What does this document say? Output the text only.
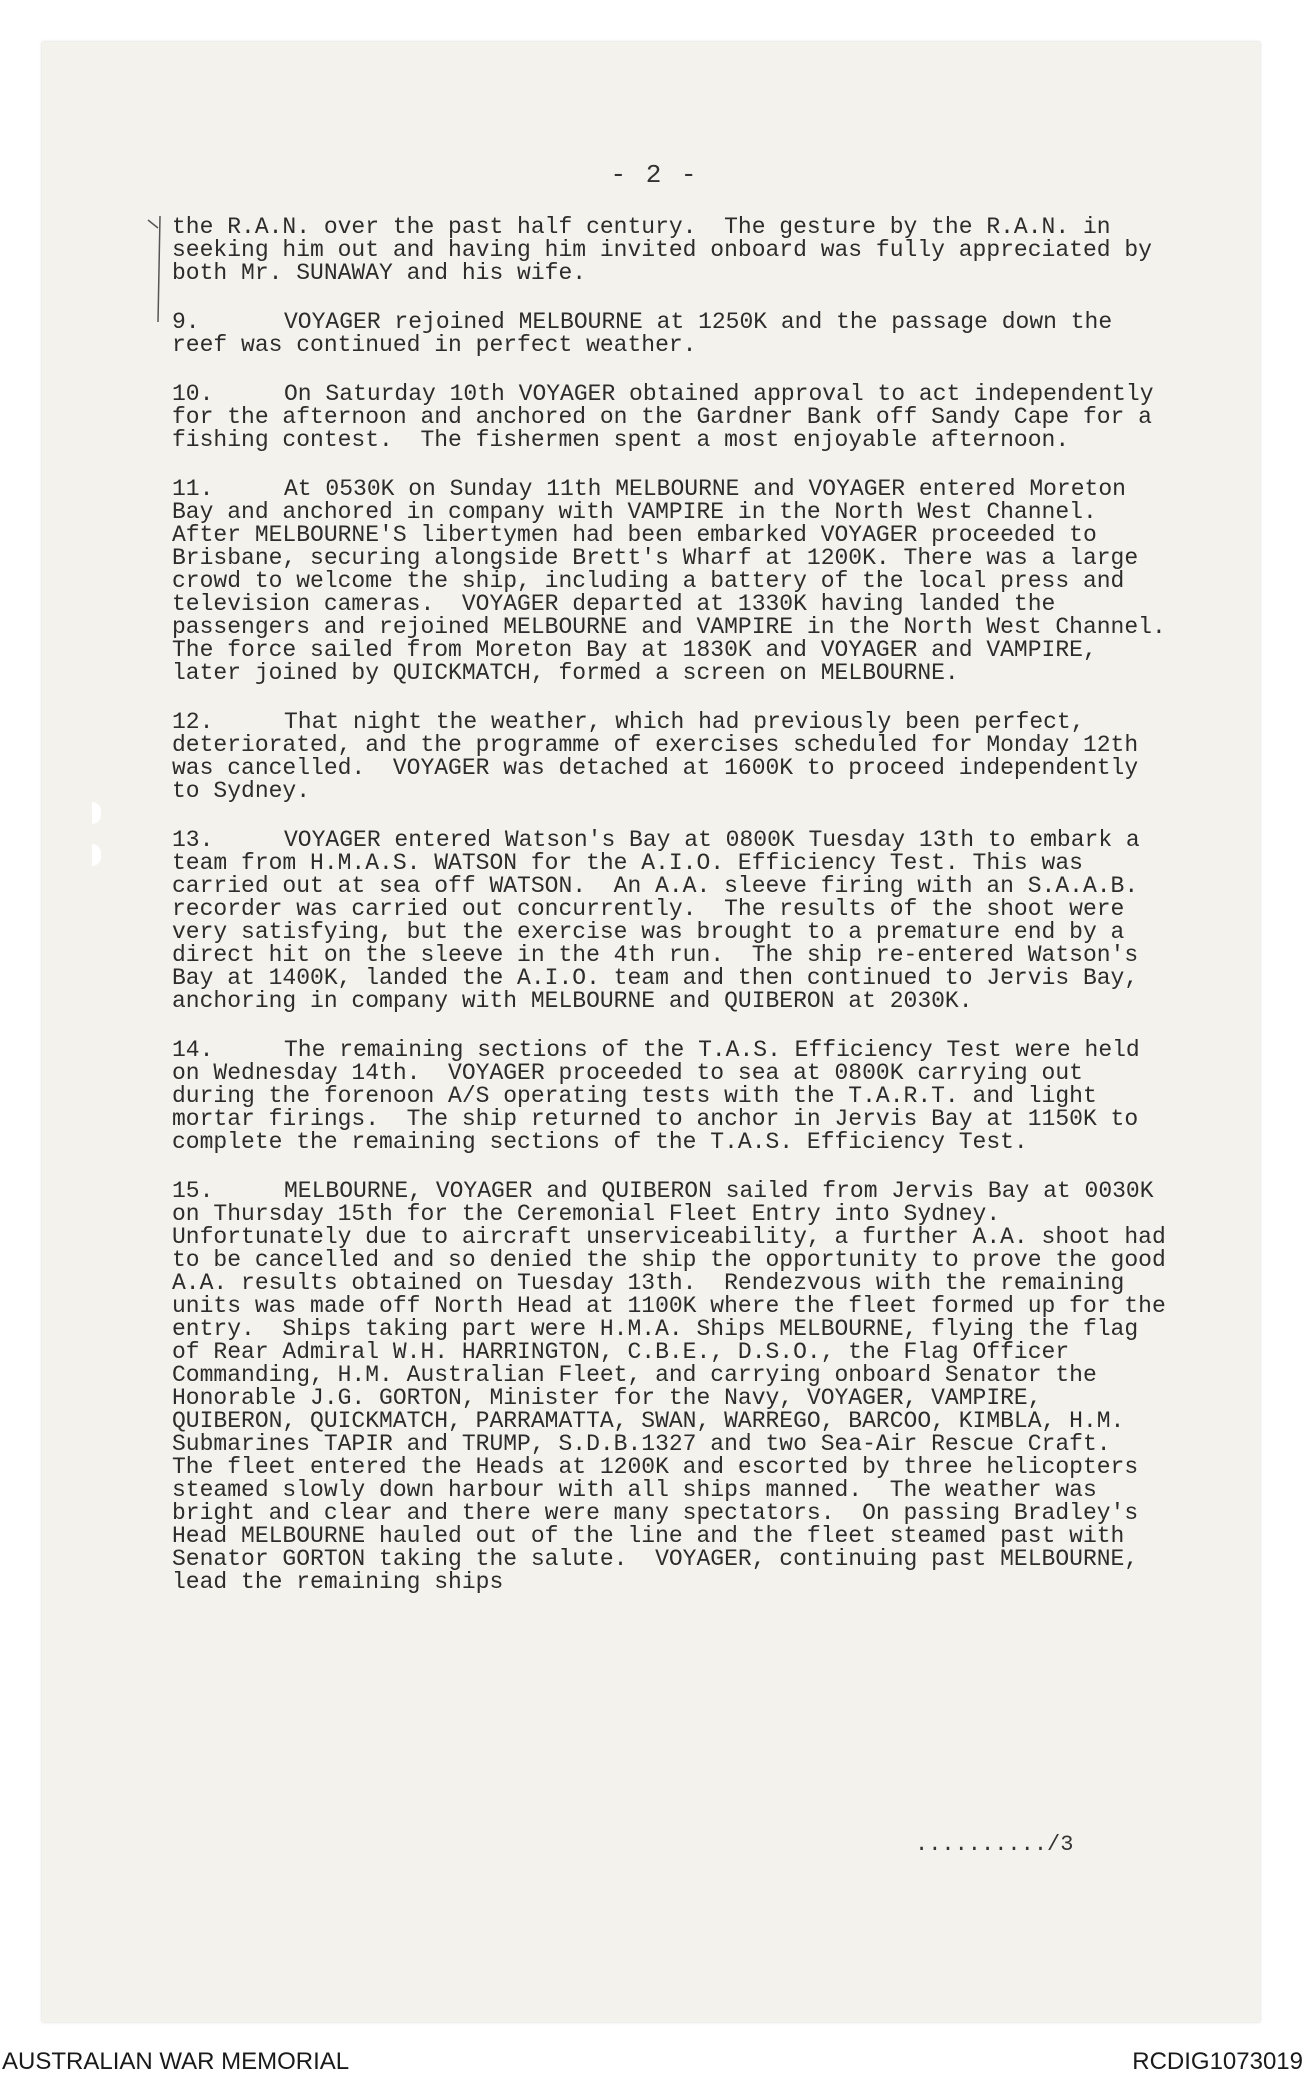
- 2 -

the R.A.N. over the past half century.  The gesture by the R.A.N. in seeking him out and having him invited onboard was fully appreciated by both Mr. SUNAWAY and his wife.

9.	VOYAGER rejoined MELBOURNE at 1250K and the passage down the reef was continued in perfect weather.

10.	On Saturday 10th VOYAGER obtained approval to act independently for the afternoon and anchored on the Gardner Bank off Sandy Cape for a fishing contest.  The fishermen spent a most enjoyable afternoon.

11.	At 0530K on Sunday 11th MELBOURNE and VOYAGER entered Moreton Bay and anchored in company with VAMPIRE in the North West Channel.  After MELBOURNE'S libertymen had been embarked VOYAGER proceeded to Brisbane, securing alongside Brett's Wharf at 1200K. There was a large crowd to welcome the ship, including a battery of the local press and television cameras.  VOYAGER departed at 1330K having landed the passengers and rejoined MELBOURNE and VAMPIRE in the North West Channel.  The force sailed from Moreton Bay at 1830K and VOYAGER and VAMPIRE, later joined by QUICKMATCH, formed a screen on MELBOURNE.

12.	That night the weather, which had previously been perfect, deteriorated, and the programme of exercises scheduled for Monday 12th was cancelled.  VOYAGER was detached at 1600K to proceed independently to Sydney.

13.	VOYAGER entered Watson's Bay at 0800K Tuesday 13th to embark a team from H.M.A.S. WATSON for the A.I.O. Efficiency Test. This was carried out at sea off WATSON.  An A.A. sleeve firing with an S.A.A.B. recorder was carried out concurrently.  The results of the shoot were very satisfying, but the exercise was brought to a premature end by a direct hit on the sleeve in the 4th run.  The ship re-entered Watson's Bay at 1400K, landed the A.I.O. team and then continued to Jervis Bay, anchoring in company with MELBOURNE and QUIBERON at 2030K.

14.	The remaining sections of the T.A.S. Efficiency Test were held on Wednesday 14th.  VOYAGER proceeded to sea at 0800K carrying out during the forenoon A/S operating tests with the T.A.R.T. and light mortar firings.  The ship returned to anchor in Jervis Bay at 1150K to complete the remaining sections of the T.A.S. Efficiency Test.

15.	MELBOURNE, VOYAGER and QUIBERON sailed from Jervis Bay at 0030K on Thursday 15th for the Ceremonial Fleet Entry into Sydney. Unfortunately due to aircraft unserviceability, a further A.A. shoot had to be cancelled and so denied the ship the opportunity to prove the good A.A. results obtained on Tuesday 13th.  Rendezvous with the remaining units was made off North Head at 1100K where the fleet formed up for the entry.  Ships taking part were H.M.A. Ships MELBOURNE, flying the flag of Rear Admiral W.H. HARRINGTON, C.B.E., D.S.O., the Flag Officer Commanding, H.M. Australian Fleet, and carrying onboard Senator the Honorable J.G. GORTON, Minister for the Navy, VOYAGER, VAMPIRE, QUIBERON, QUICKMATCH, PARRAMATTA, SWAN, WARREGO, BARCOO, KIMBLA, H.M. Submarines TAPIR and TRUMP, S.D.B.1327 and two Sea-Air Rescue Craft.  The fleet entered the Heads at 1200K and escorted by three helicopters steamed slowly down harbour with all ships manned.  The weather was bright and clear and there were many spectators.  On passing Bradley's Head MELBOURNE hauled out of the line and the fleet steamed past with Senator GORTON taking the salute.  VOYAGER, continuing past MELBOURNE, lead the remaining ships

........../3
AUSTRALIAN WAR MEMORIAL	RCDIG1073019
